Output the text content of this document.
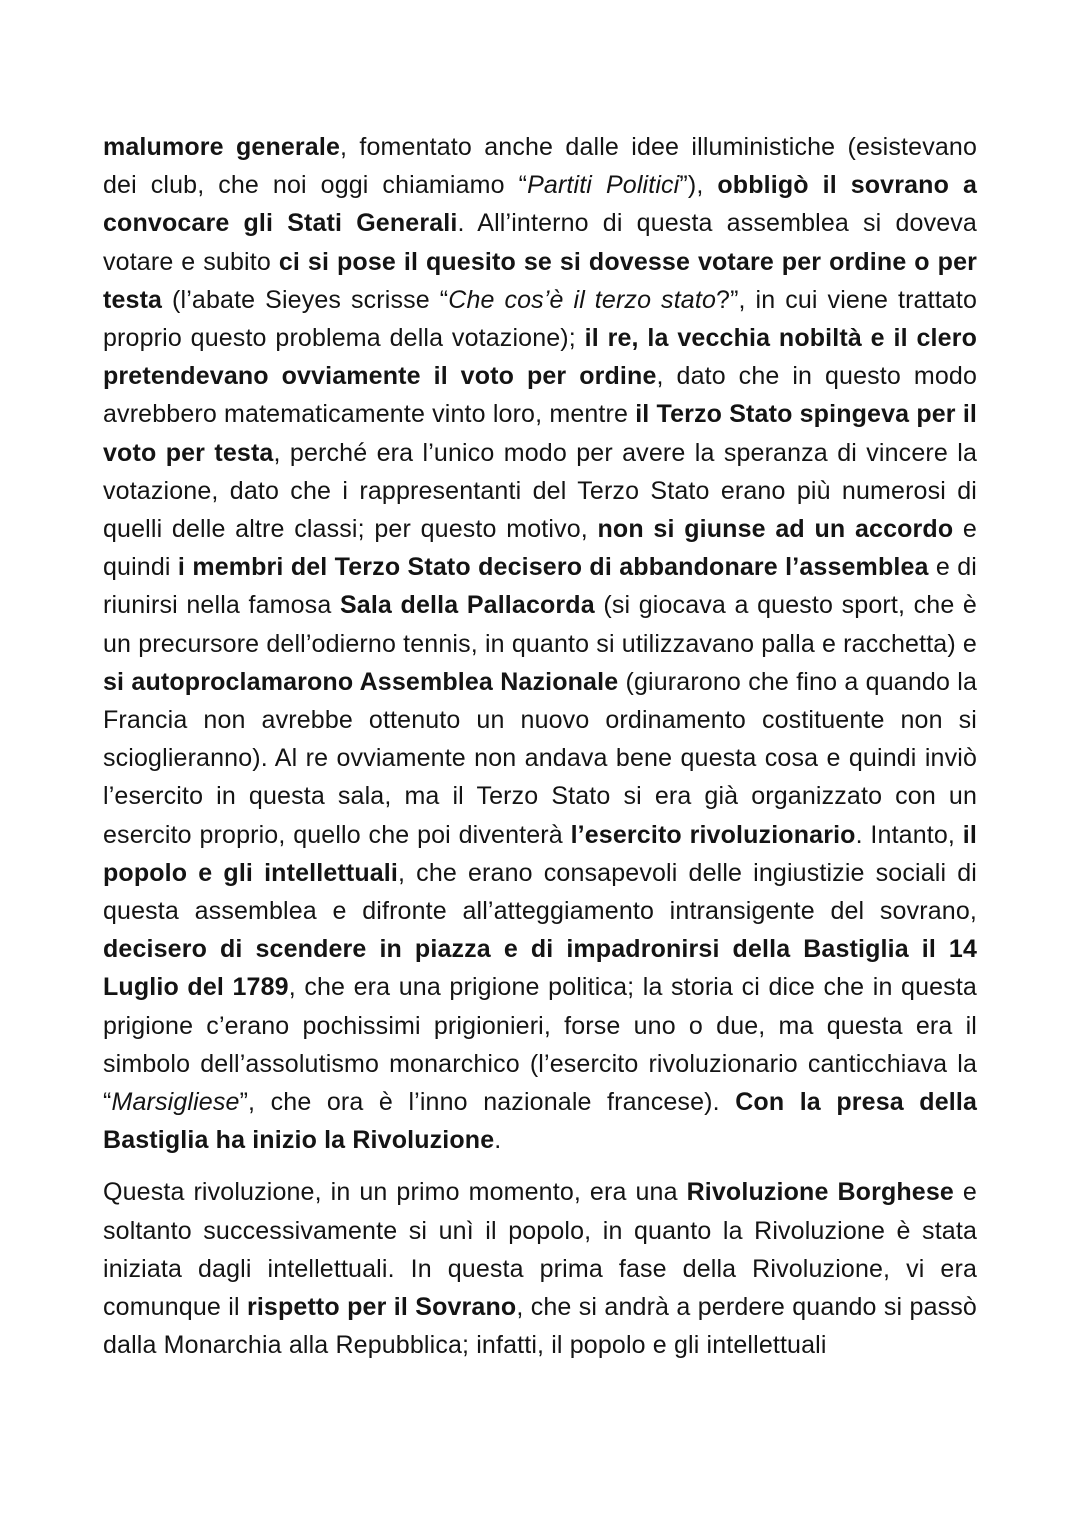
malumore generale, fomentato anche dalle idee illuministiche (esistevano dei club, che noi oggi chiamiamo “Partiti Politici”), obbligò il sovrano a convocare gli Stati Generali. All’interno di questa assemblea si doveva votare e subito ci si pose il quesito se si dovesse votare per ordine o per testa (l’abate Sieyes scrisse “Che cos’è il terzo stato?”, in cui viene trattato proprio questo problema della votazione); il re, la vecchia nobiltà e il clero pretendevano ovviamente il voto per ordine, dato che in questo modo avrebbero matematicamente vinto loro, mentre il Terzo Stato spingeva per il voto per testa, perché era l’unico modo per avere la speranza di vincere la votazione, dato che i rappresentanti del Terzo Stato erano più numerosi di quelli delle altre classi; per questo motivo, non si giunse ad un accordo e quindi i membri del Terzo Stato decisero di abbandonare l’assemblea e di riunirsi nella famosa Sala della Pallacorda (si giocava a questo sport, che è un precursore dell’odierno tennis, in quanto si utilizzavano palla e racchetta) e si autoproclamarono Assemblea Nazionale (giurarono che fino a quando la Francia non avrebbe ottenuto un nuovo ordinamento costituente non si scioglieranno). Al re ovviamente non andava bene questa cosa e quindi inviò l’esercito in questa sala, ma il Terzo Stato si era già organizzato con un esercito proprio, quello che poi diventerà l’esercito rivoluzionario. Intanto, il popolo e gli intellettuali, che erano consapevoli delle ingiustizie sociali di questa assemblea e difronte all’atteggiamento intransigente del sovrano, decisero di scendere in piazza e di impadronirsi della Bastiglia il 14 Luglio del 1789, che era una prigione politica; la storia ci dice che in questa prigione c’erano pochissimi prigionieri, forse uno o due, ma questa era il simbolo dell’assolutismo monarchico (l’esercito rivoluzionario canticchiava la “Marsigliese”, che ora è l’inno nazionale francese). Con la presa della Bastiglia ha inizio la Rivoluzione.

Questa rivoluzione, in un primo momento, era una Rivoluzione Borghese e soltanto successivamente si unì il popolo, in quanto la Rivoluzione è stata iniziata dagli intellettuali. In questa prima fase della Rivoluzione, vi era comunque il rispetto per il Sovrano, che si andrà a perdere quando si passò dalla Monarchia alla Repubblica; infatti, il popolo e gli intellettuali
